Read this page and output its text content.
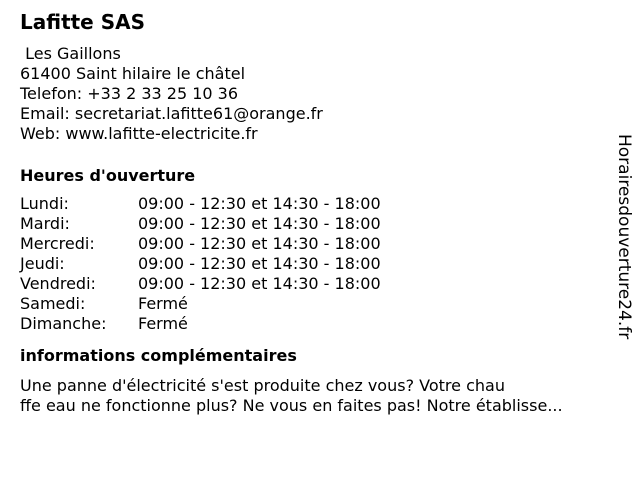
Lafitte SAS
Les Gaillons
61400 Saint hilaire le châtel
Telefon: +33 2 33 25 10 36
Email: secretariat.lafitte61@orange.fr
Web: www.lafitte-electricite.fr
Heures d'ouverture
Lundi:	09:00 - 12:30 et 14:30 - 18:00
Mardi:	09:00 - 12:30 et 14:30 - 18:00
Mercredi:	09:00 - 12:30 et 14:30 - 18:00
Jeudi:	09:00 - 12:30 et 14:30 - 18:00
Vendredi:	09:00 - 12:30 et 14:30 - 18:00
Samedi:	Fermé
Dimanche:	Fermé
informations complémentaires
Une panne d'électricité s'est produite chez vous? Votre chau
ffe eau ne fonctionne plus? Ne vous en faites pas! Notre établisse...
Horairesdouverture24.fr
